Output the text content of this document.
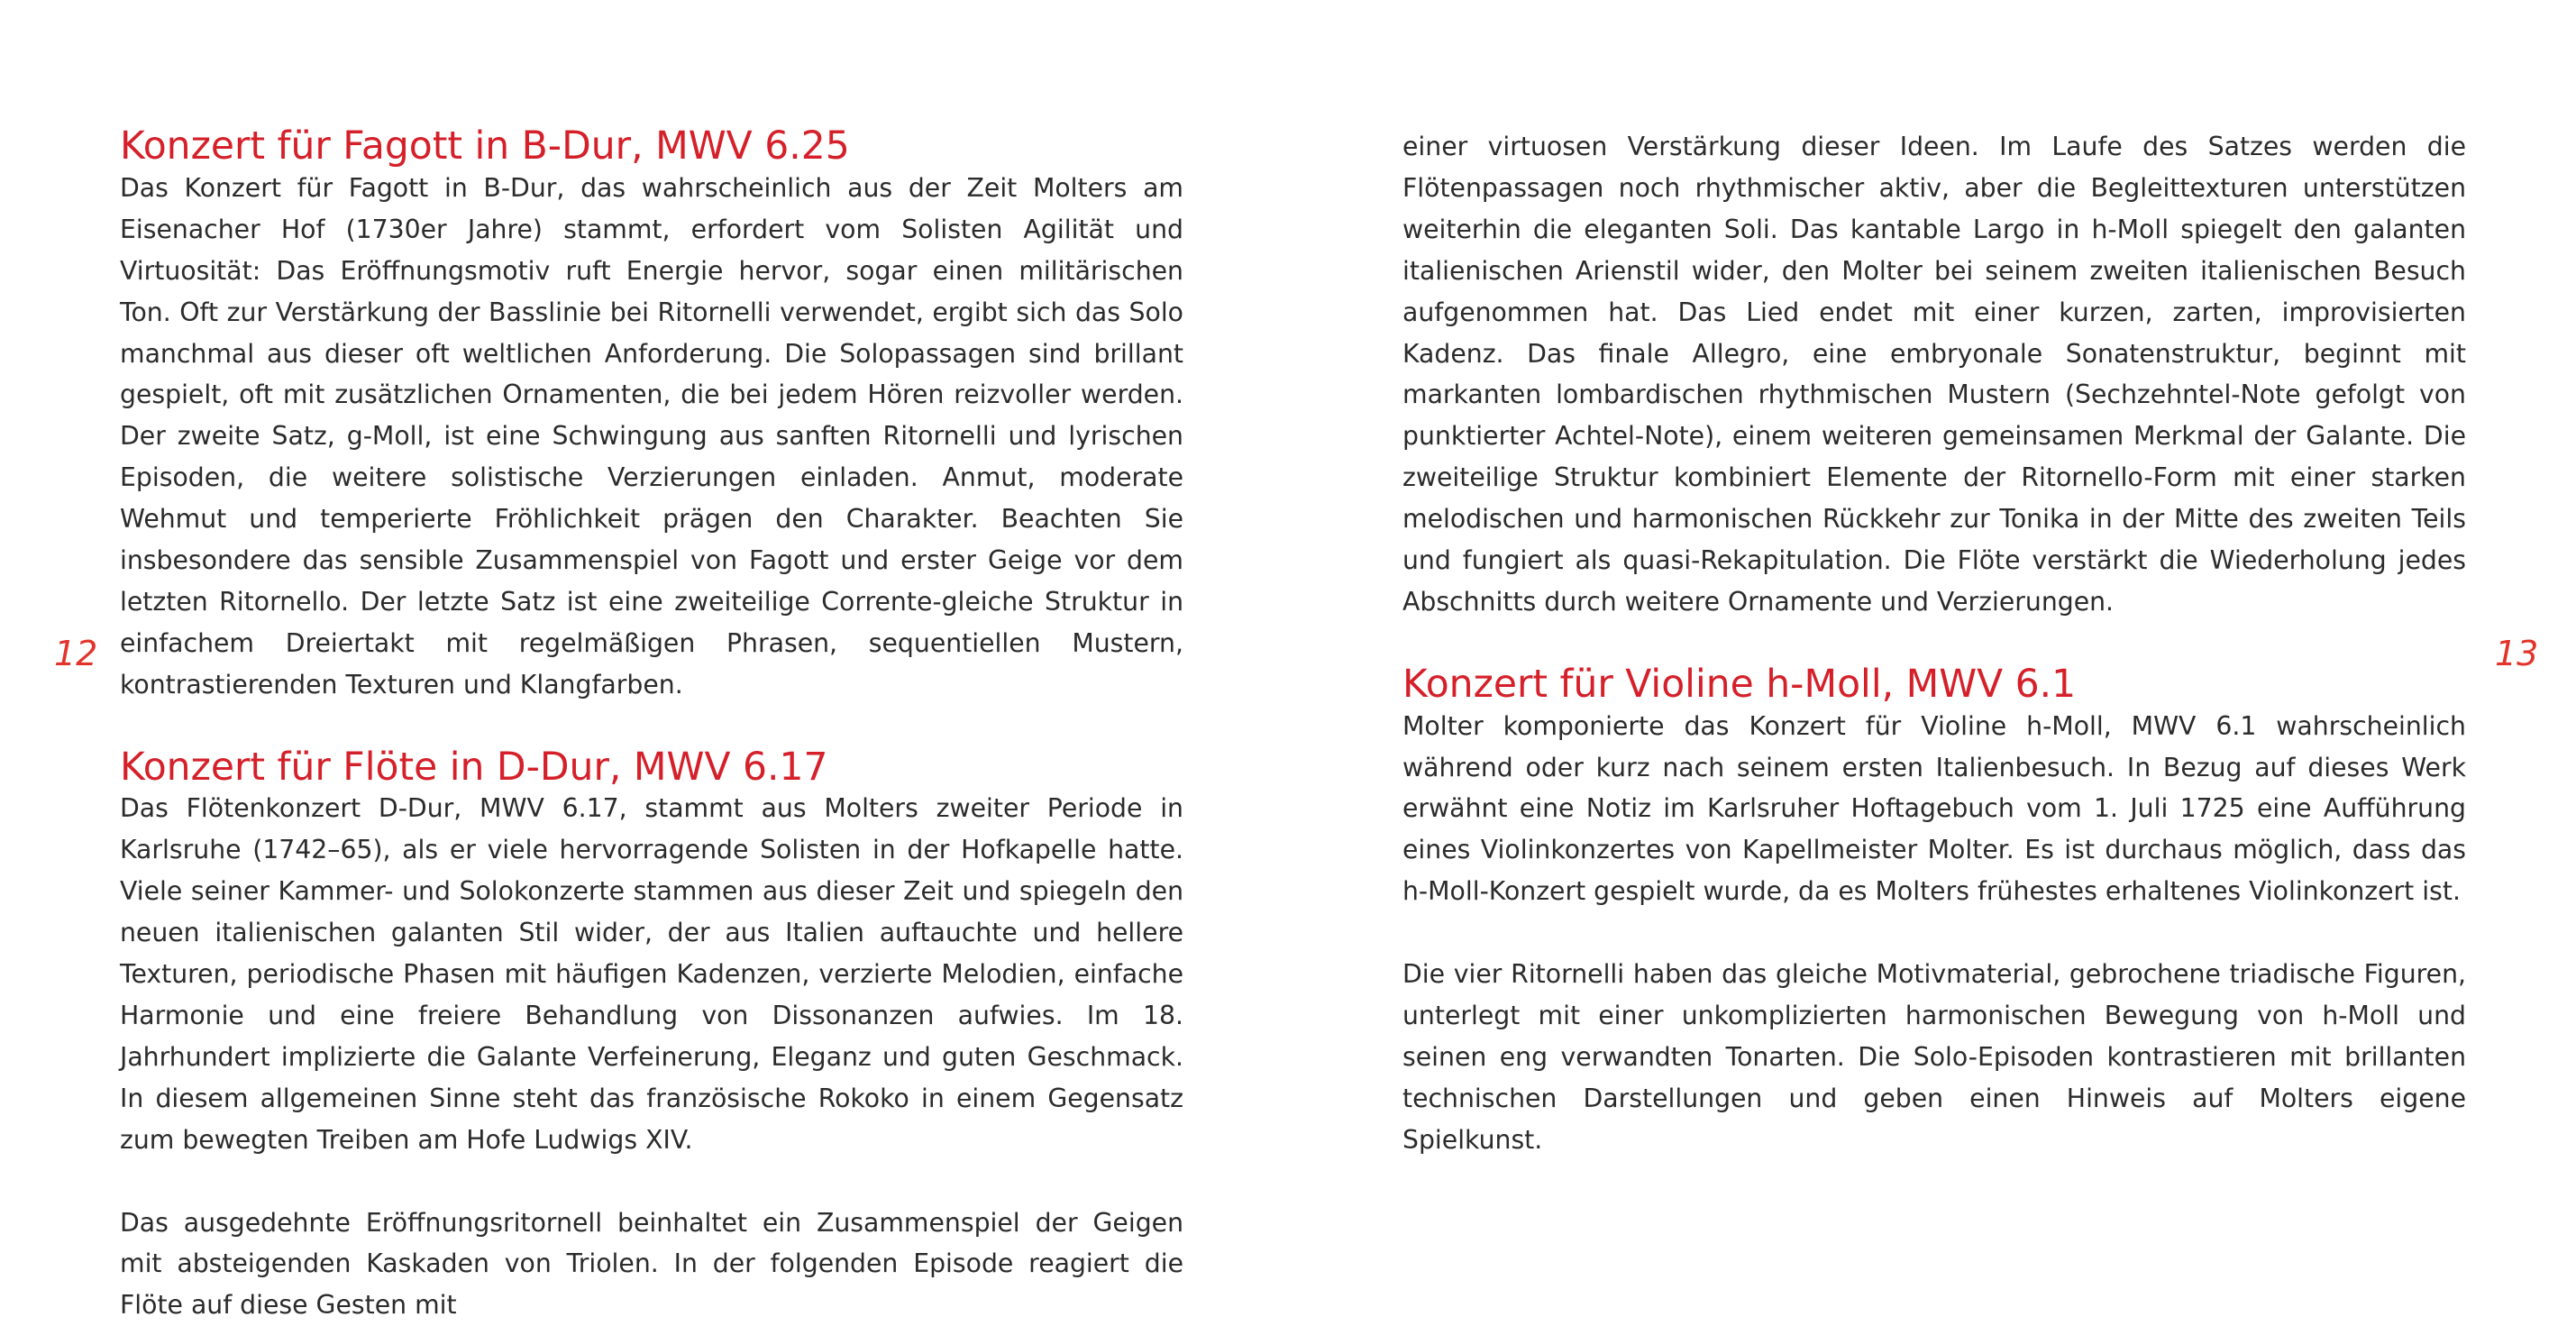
12	13
Konzert für Fagott in B-Dur, MWV 6.25

Das Konzert für Fagott in B-Dur, das wahrscheinlich aus der Zeit Molters am Eisenacher Hof (1730er Jahre) stammt, erfordert vom Solisten Agilität und Virtuosität: Das Eröffnungsmotiv ruft Energie hervor, sogar einen militärischen Ton. Oft zur Verstärkung der Basslinie bei Ritornelli verwendet, ergibt sich das Solo manchmal aus dieser oft weltlichen Anforderung. Die Solopassagen sind brillant gespielt, oft mit zusätzlichen Ornamenten, die bei jedem Hören reizvoller werden. Der zweite Satz, g-Moll, ist eine Schwingung aus sanften Ritornelli und lyrischen Episoden, die weitere solistische Verzierungen einladen. Anmut, moderate Wehmut und temperierte Fröhlichkeit prägen den Charakter. Beachten Sie insbesondere das sensible Zusammenspiel von Fagott und erster Geige vor dem letzten Ritornello. Der letzte Satz ist eine zweiteilige Corrente-gleiche Struktur in einfachem Dreiertakt mit regelmäßigen Phrasen, sequentiellen Mustern, kontrastierenden Texturen und Klangfarben.

Konzert für Flöte in D-Dur, MWV 6.17

Das Flötenkonzert D-Dur, MWV 6.17, stammt aus Molters zweiter Periode in Karlsruhe (1742–65), als er viele hervorragende Solisten in der Hofkapelle hatte. Viele seiner Kammer- und Solokonzerte stammen aus dieser Zeit und spiegeln den neuen italienischen galanten Stil wider, der aus Italien auftauchte und hellere Texturen, periodische Phasen mit häufigen Kadenzen, verzierte Melodien, einfache Harmonie und eine freiere Behandlung von Dissonanzen aufwies. Im 18. Jahrhundert implizierte die Galante Verfeinerung, Eleganz und guten Geschmack. In diesem allgemeinen Sinne steht das französische Rokoko in einem Gegensatz zum bewegten Treiben am Hofe Ludwigs XIV.

Das ausgedehnte Eröffnungsritornell beinhaltet ein Zusammenspiel der Geigen mit absteigenden Kaskaden von Triolen. In der folgenden Episode reagiert die Flöte auf diese Gesten mit

einer virtuosen Verstärkung dieser Ideen. Im Laufe des Satzes werden die Flötenpassagen noch rhythmischer aktiv, aber die Begleittexturen unterstützen weiterhin die eleganten Soli. Das kantable Largo in h-Moll spiegelt den galanten italienischen Arienstil wider, den Molter bei seinem zweiten italienischen Besuch aufgenommen hat. Das Lied endet mit einer kurzen, zarten, improvisierten Kadenz. Das finale Allegro, eine embryonale Sonatenstruktur, beginnt mit markanten lombardischen rhythmischen Mustern (Sechzehntel-Note gefolgt von punktierter Achtel-Note), einem weiteren gemeinsamen Merkmal der Galante. Die zweiteilige Struktur kombiniert Elemente der Ritornello-Form mit einer starken melodischen und harmonischen Rückkehr zur Tonika in der Mitte des zweiten Teils und fungiert als quasi-Rekapitulation. Die Flöte verstärkt die Wiederholung jedes Abschnitts durch weitere Ornamente und Verzierungen.

Konzert für Violine h-Moll, MWV 6.1

Molter komponierte das Konzert für Violine h-Moll, MWV 6.1 wahrscheinlich während oder kurz nach seinem ersten Italienbesuch. In Bezug auf dieses Werk erwähnt eine Notiz im Karlsruher Hoftagebuch vom 1. Juli 1725 eine Aufführung eines Violinkonzertes von Kapellmeister Molter. Es ist durchaus möglich, dass das h-Moll-Konzert gespielt wurde, da es Molters frühestes erhaltenes Violinkonzert ist.

Die vier Ritornelli haben das gleiche Motivmaterial, gebrochene triadische Figuren, unterlegt mit einer unkomplizierten harmonischen Bewegung von h-Moll und seinen eng verwandten Tonarten. Die Solo-Episoden kontrastieren mit brillanten technischen Darstellungen und geben einen Hinweis auf Molters eigene Spielkunst.
